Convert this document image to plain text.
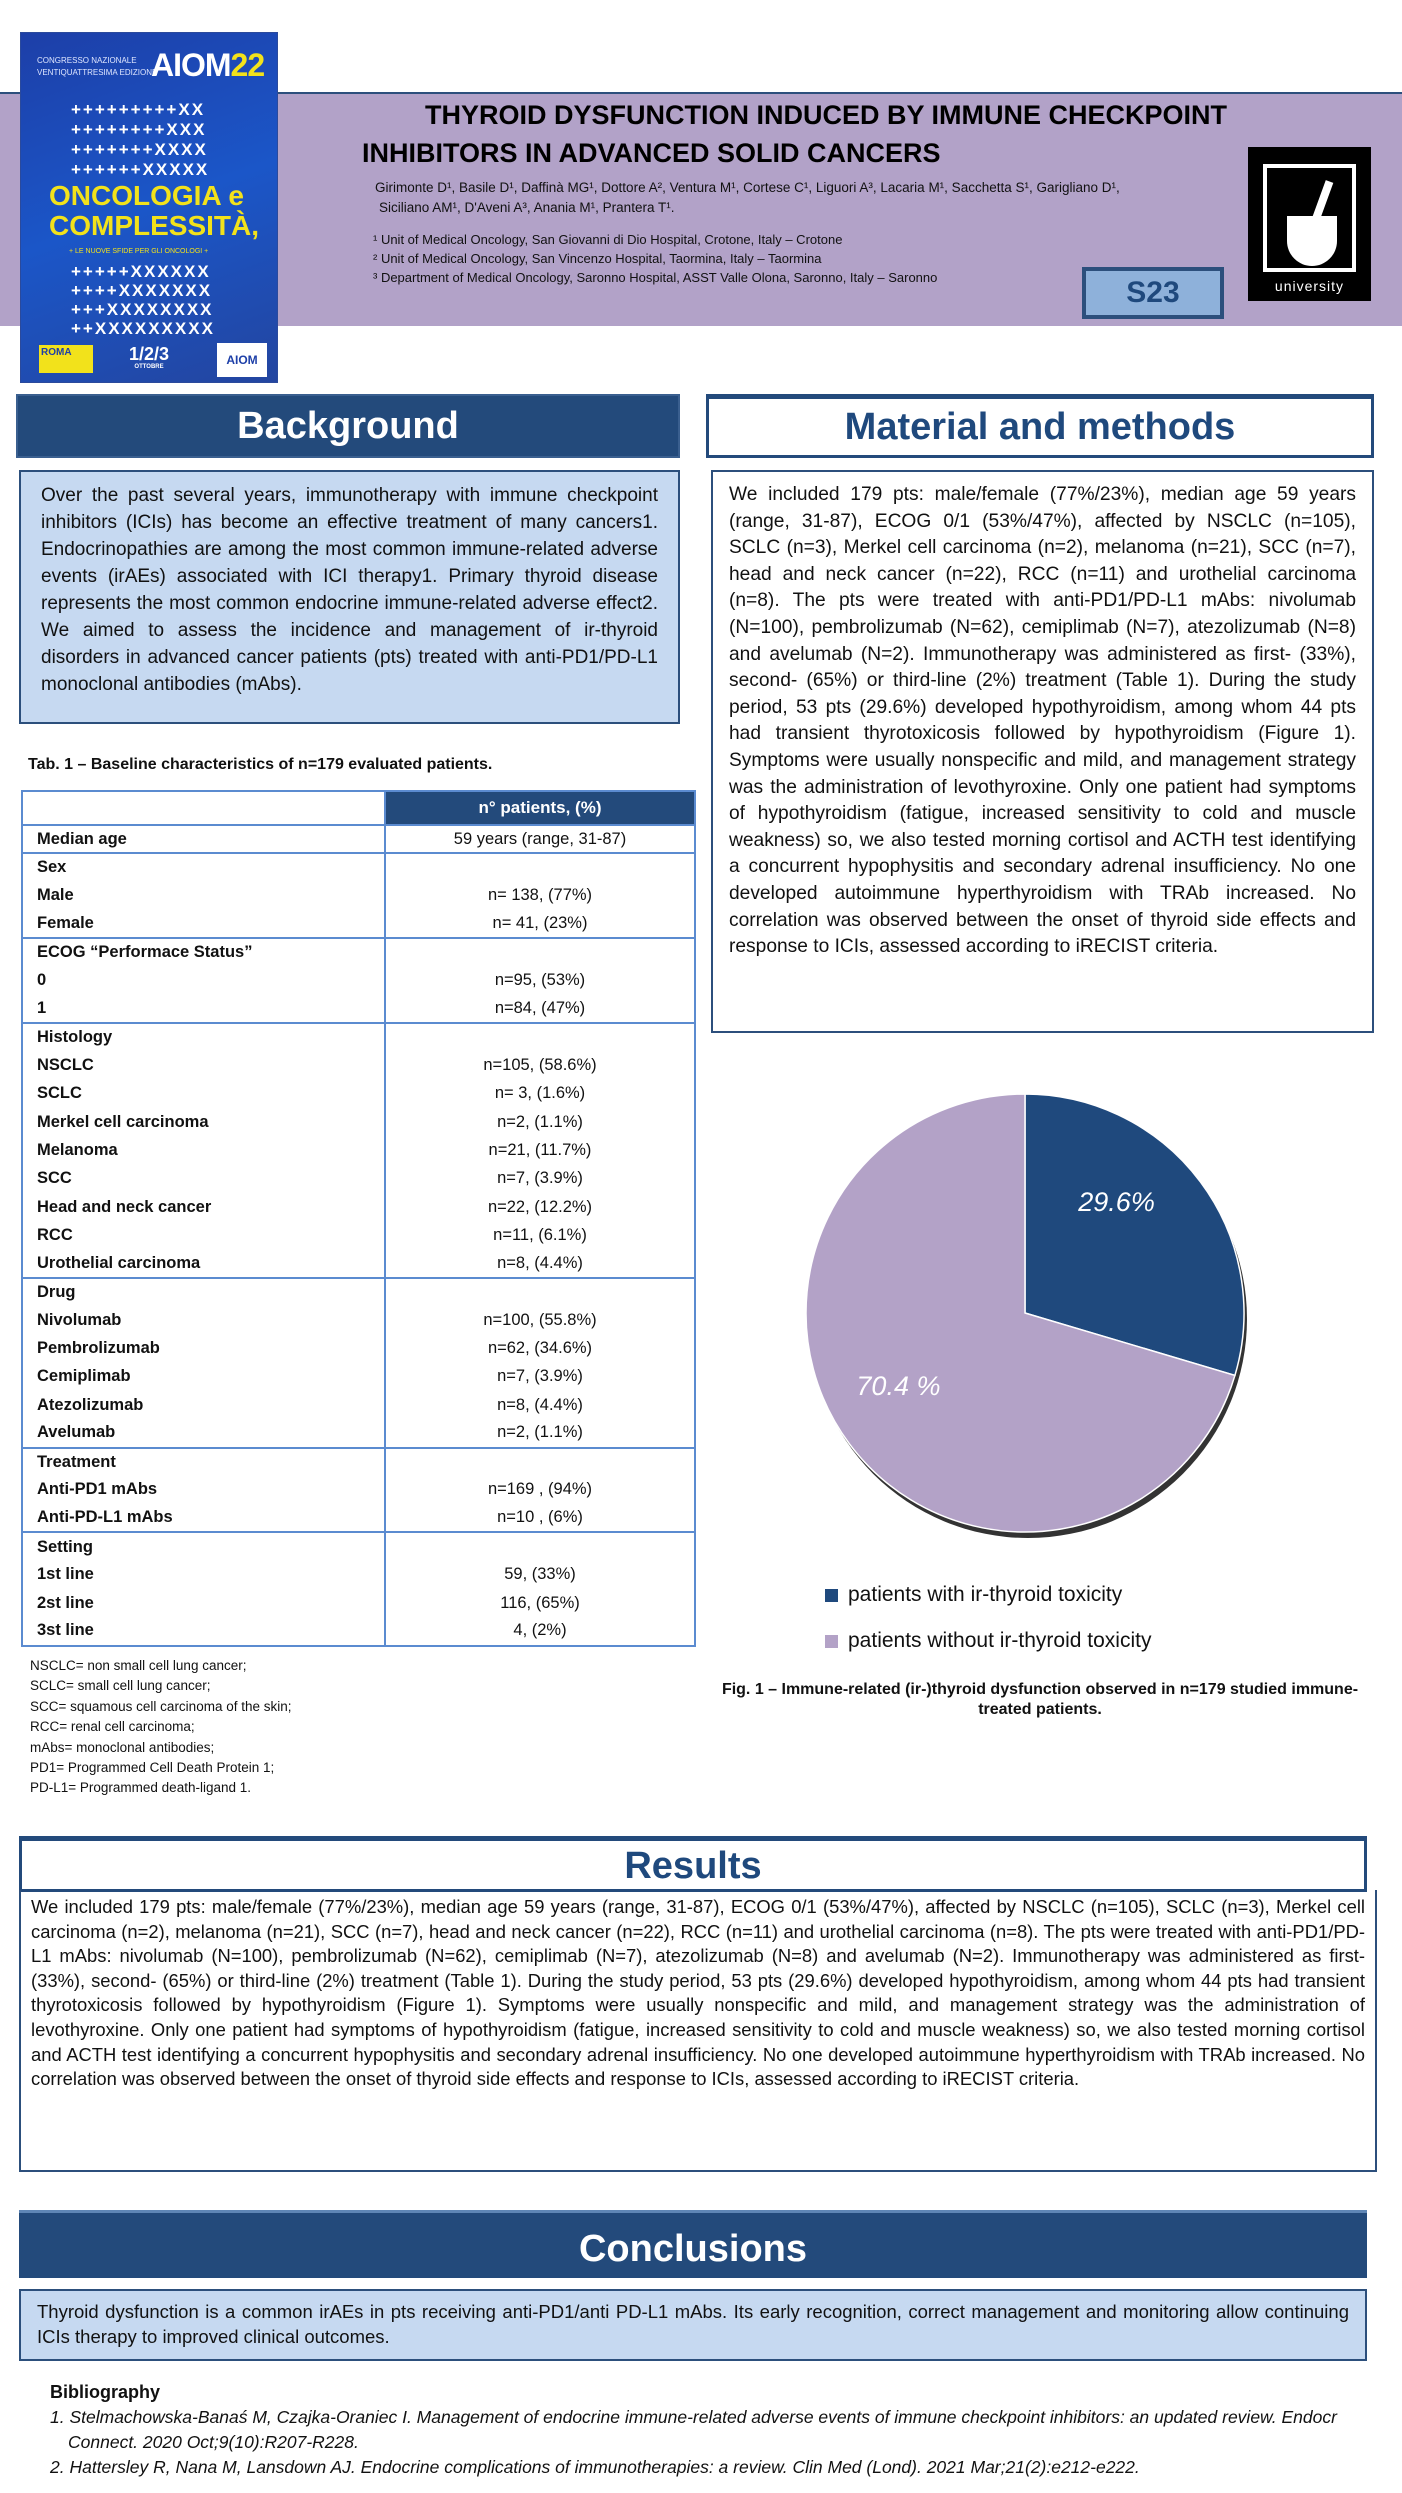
CONGRESSO NAZIONALE
VENTIQUATTRESIMA EDIZIONE
AIOM22
+++++++++XX
++++++++XXX
+++++++XXXX
++++++XXXXX
ONCOLOGIA e
COMPLESSITÀ,
+ LE NUOVE SFIDE PER GLI ONCOLOGI +
+++++XXXXXX
++++XXXXXXX
+++XXXXXXXX
++XXXXXXXXX
ROMA	1/2/3
OTTOBRE	AIOM
THYROID DYSFUNCTION INDUCED BY IMMUNE CHECKPOINT
INHIBITORS IN ADVANCED SOLID CANCERS
Girimonte D¹, Basile D¹, Daffinà MG¹, Dottore A², Ventura M¹, Cortese C¹, Liguori A³, Lacaria M¹, Sacchetta S¹, Garigliano D¹,
Siciliano AM¹, D'Aveni A³, Anania M¹, Prantera T¹.
¹ Unit of Medical Oncology, San Giovanni di Dio Hospital, Crotone, Italy – Crotone
² Unit of Medical Oncology, San Vincenzo Hospital, Taormina, Italy – Taormina
³ Department of Medical Oncology, Saronno Hospital, ASST Valle Olona, Saronno, Italy – Saronno	S23	university
Background	Material and methods
Over the past several years, immunotherapy with immune checkpoint inhibitors (ICIs) has become an effective treatment of many cancers1. Endocrinopathies are among the most common immune-related adverse events (irAEs) associated with ICI therapy1. Primary thyroid disease represents the most common endocrine immune-related adverse effect2. We aimed to assess the incidence and management of ir-thyroid disorders in advanced cancer patients (pts) treated with anti-PD1/PD-L1 monoclonal antibodies (mAbs).
We included 179 pts: male/female (77%/23%), median age 59 years (range, 31-87), ECOG 0/1 (53%/47%), affected by NSCLC (n=105), SCLC (n=3), Merkel cell carcinoma (n=2), melanoma (n=21), SCC (n=7), head and neck cancer (n=22), RCC (n=11) and urothelial carcinoma (n=8). The pts were treated with anti-PD1/PD-L1 mAbs: nivolumab (N=100), pembrolizumab (N=62), cemiplimab (N=7), atezolizumab (N=8) and avelumab (N=2). Immunotherapy was administered as first- (33%), second- (65%) or third-line (2%) treatment (Table 1). During the study period, 53 pts (29.6%) developed hypothyroidism, among whom 44 pts had transient thyrotoxicosis followed by hypothyroidism (Figure 1). Symptoms were usually nonspecific and mild, and management strategy was the administration of levothyroxine. Only one patient had symptoms of hypothyroidism (fatigue, increased sensitivity to cold and muscle weakness) so, we also tested morning cortisol and ACTH test identifying a concurrent hypophysitis and secondary adrenal insufficiency. No one developed autoimmune hyperthyroidism with TRAb increased. No correlation was observed between the onset of thyroid side effects and response to ICIs, assessed according to iRECIST criteria.
Tab. 1 – Baseline characteristics of n=179 evaluated patients.
	n° patients, (%)
Median age	59 years (range, 31-87)
Sex	
Male	n= 138, (77%)
Female	n= 41, (23%)
ECOG “Performace Status”	
0	n=95, (53%)
1	n=84, (47%)
Histology	
NSCLC	n=105, (58.6%)
SCLC	n= 3, (1.6%)
Merkel cell carcinoma	n=2, (1.1%)
Melanoma	n=21, (11.7%)
SCC	n=7, (3.9%)
Head and neck cancer	n=22, (12.2%)
RCC	n=11, (6.1%)
Urothelial carcinoma	n=8, (4.4%)
Drug	
Nivolumab	n=100, (55.8%)
Pembrolizumab	n=62, (34.6%)
Cemiplimab	n=7, (3.9%)
Atezolizumab	n=8, (4.4%)
Avelumab	n=2, (1.1%)
Treatment	
Anti-PD1 mAbs	n=169 , (94%)
Anti-PD-L1 mAbs	n=10 , (6%)
Setting	
1st line	59, (33%)
2st line	116, (65%)
3st line	4, (2%)
NSCLC= non small cell lung cancer;
SCLC= small cell lung cancer;
SCC= squamous cell carcinoma of the skin;
RCC= renal cell carcinoma;
mAbs= monoclonal antibodies;
PD1= Programmed Cell Death Protein 1;
PD-L1= Programmed death-ligand 1.
29.6%
70.4 %
patients with ir-thyroid toxicity
patients without ir-thyroid toxicity
Fig. 1 – Immune-related (ir-)thyroid dysfunction observed in n=179 studied immune-treated patients.
Results
We included 179 pts: male/female (77%/23%), median age 59 years (range, 31-87), ECOG 0/1 (53%/47%), affected by NSCLC (n=105), SCLC (n=3), Merkel cell carcinoma (n=2), melanoma (n=21), SCC (n=7), head and neck cancer (n=22), RCC (n=11) and urothelial carcinoma (n=8). The pts were treated with anti-PD1/PD-L1 mAbs: nivolumab (N=100), pembrolizumab (N=62), cemiplimab (N=7), atezolizumab (N=8) and avelumab (N=2). Immunotherapy was administered as first- (33%), second- (65%) or third-line (2%) treatment (Table 1). During the study period, 53 pts (29.6%) developed hypothyroidism, among whom 44 pts had transient thyrotoxicosis followed by hypothyroidism (Figure 1). Symptoms were usually nonspecific and mild, and management strategy was the administration of levothyroxine. Only one patient had symptoms of hypothyroidism (fatigue, increased sensitivity to cold and muscle weakness) so, we also tested morning cortisol and ACTH test identifying a concurrent hypophysitis and secondary adrenal insufficiency. No one developed autoimmune hyperthyroidism with TRAb increased. No correlation was observed between the onset of thyroid side effects and response to ICIs, assessed according to iRECIST criteria.
Conclusions
Thyroid dysfunction is a common irAEs in pts receiving anti-PD1/anti PD-L1 mAbs. Its early recognition, correct management and monitoring allow continuing ICIs therapy to improved clinical outcomes.
Bibliography
1. Stelmachowska-Banaś M, Czajka-Oraniec I. Management of endocrine immune-related adverse events of immune checkpoint inhibitors: an updated review. Endocr Connect. 2020 Oct;9(10):R207-R228.
2. Hattersley R, Nana M, Lansdown AJ. Endocrine complications of immunotherapies: a review. Clin Med (Lond). 2021 Mar;21(2):e212-e222.
